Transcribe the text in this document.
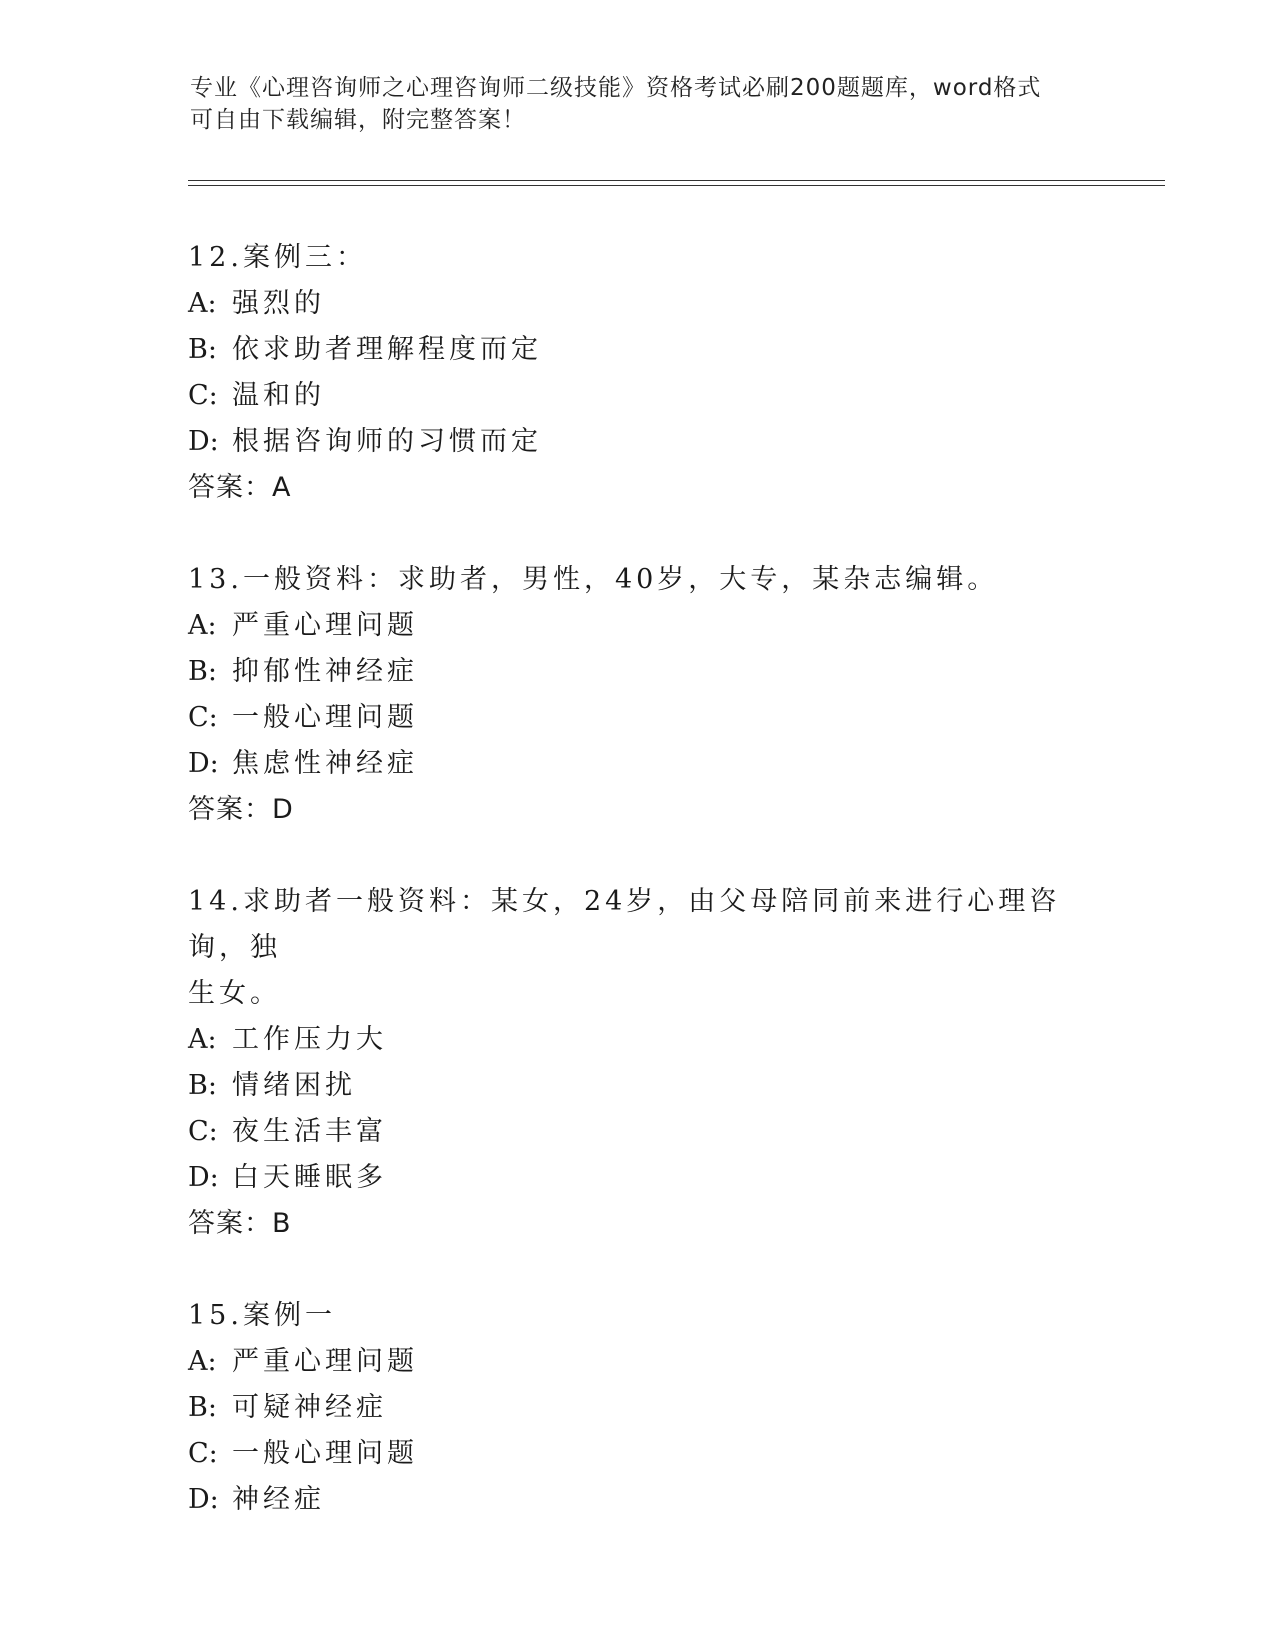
专业《心理咨询师之心理咨询师二级技能》资格考试必刷200题题库，word格式
可自由下载编辑，附完整答案！

12.案例三：

A: 强烈的

B: 依求助者理解程度而定

C: 温和的

D: 根据咨询师的习惯而定

答案：A

13.一般资料：求助者，男性，40岁，大专，某杂志编辑。

A: 严重心理问题

B: 抑郁性神经症

C: 一般心理问题

D: 焦虑性神经症

答案：D

14.求助者一般资料：某女，24岁，由父母陪同前来进行心理咨询，独

生女。

A: 工作压力大

B: 情绪困扰

C: 夜生活丰富

D: 白天睡眠多

答案：B

15.案例一

A: 严重心理问题

B: 可疑神经症

C: 一般心理问题

D: 神经症
